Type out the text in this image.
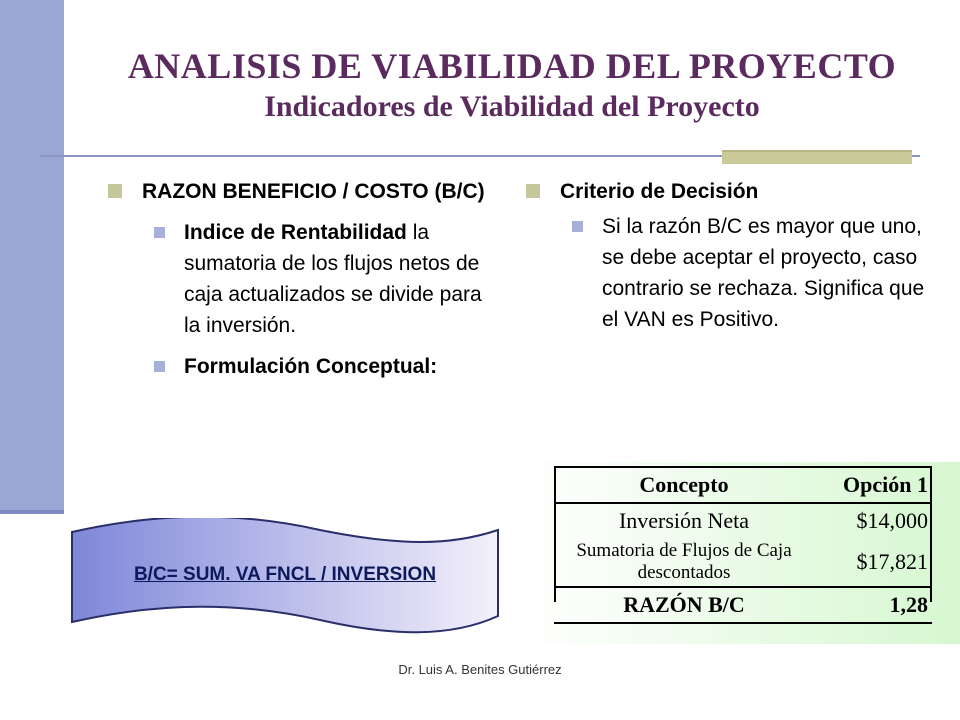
ANALISIS DE VIABILIDAD DEL PROYECTO
Indicadores de Viabilidad del Proyecto
RAZON BENEFICIO / COSTO (B/C)
Indice de Rentabilidad la sumatoria de los flujos netos de caja actualizados se divide para la inversión.
Formulación Conceptual:
Criterio de Decisión
Si la razón B/C es mayor que uno, se debe aceptar el proyecto, caso contrario se rechaza. Significa que el VAN es Positivo.
B/C= SUM. VA FNCL / INVERSION
Concepto	Opción 1
Inversión Neta	$14,000
Sumatoria de Flujos de Caja descontados	$17,821
RAZÓN B/C	1,28
Dr. Luis A. Benites Gutiérrez
